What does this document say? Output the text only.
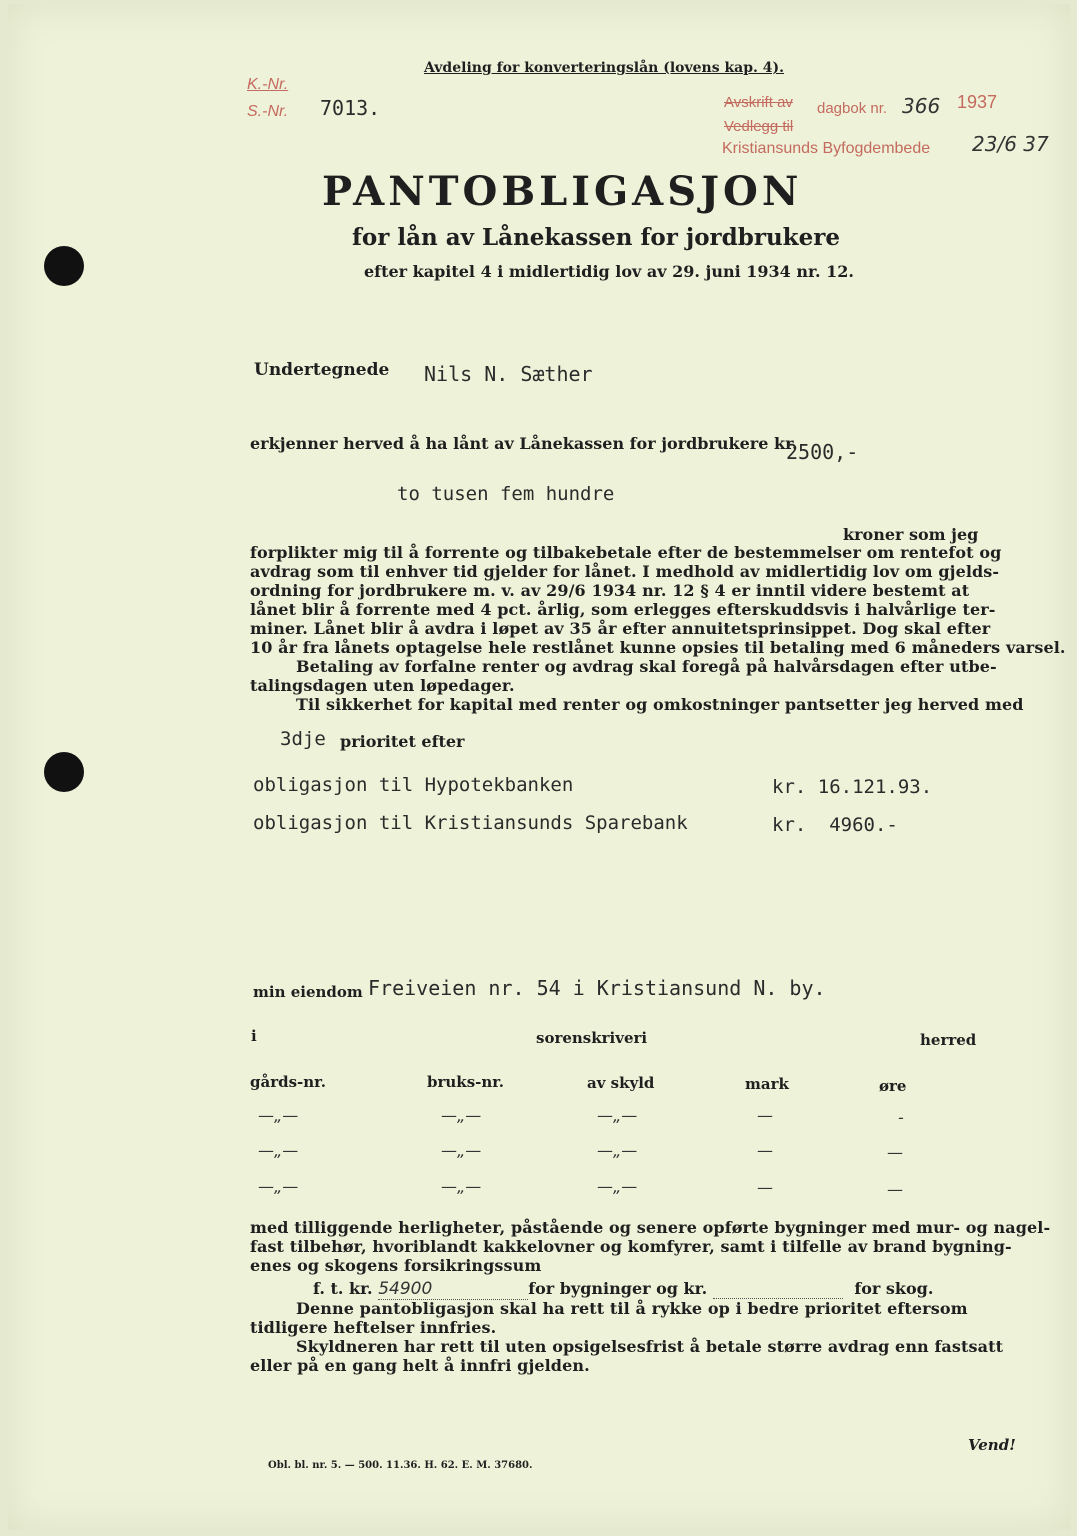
Avdeling for konverteringslån (lovens kap. 4).
K.-Nr.
S.-Nr. 7013.	Avskrift av dagbok nr. 366 1937
Vedlegg til
Kristiansunds Byfogdembede 23/6 37
PANTOBLIGASJON
for lån av Lånekassen for jordbrukere
efter kapitel 4 i midlertidig lov av 29. juni 1934 nr. 12.
Undertegnede Nils N. Sæther
erkjenner herved å ha lånt av Lånekassen for jordbrukere kr.
2500,-
to tusen fem hundre
kroner som jeg
forplikter mig til å forrente og tilbakebetale efter de bestemmelser om rentefot og
avdrag som til enhver tid gjelder for lånet. I medhold av midlertidig lov om gjelds-
ordning for jordbrukere m. v. av 29/6 1934 nr. 12 § 4 er inntil videre bestemt at
lånet blir å forrente med 4 pct. årlig, som erlegges efterskuddsvis i halvårlige ter-
miner. Lånet blir å avdra i løpet av 35 år efter annuitetsprinsippet. Dog skal efter
10 år fra lånets optagelse hele restlånet kunne opsies til betaling med 6 måneders varsel.
Betaling av forfalne renter og avdrag skal foregå på halvårsdagen efter utbe-
talingsdagen uten løpedager.
Til sikkerhet for kapital med renter og omkostninger pantsetter jeg herved med
3dje prioritet efter
obligasjon til Hypotekbanken	kr. 16.121.93.
obligasjon til Kristiansunds Sparebank	kr.  4960.-
min eiendom Freiveien nr. 54 i Kristiansund N. by.
i	sorenskriveri	herred
gårds-nr.	bruks-nr.	av skyld	mark	øre
—„—	—„—	—„—	—	-
—„—	—„—	—„—	—	—
—„—	—„—	—„—	—	—
med tilliggende herligheter, påstående og senere opførte bygninger med mur- og nagel-
fast tilbehør, hvoriblandt kakkelovner og komfyrer, samt i tilfelle av brand bygning-
enes og skogens forsikringssum
f. t. kr. 54900	for bygninger og kr.	for skog.
Denne pantobligasjon skal ha rett til å rykke op i bedre prioritet eftersom
tidligere heftelser innfries.
Skyldneren har rett til uten opsigelsesfrist å betale større avdrag enn fastsatt
eller på en gang helt å innfri gjelden.
Vend!
Obl. bl. nr. 5. — 500. 11.36. H. 62. E. M. 37680.
